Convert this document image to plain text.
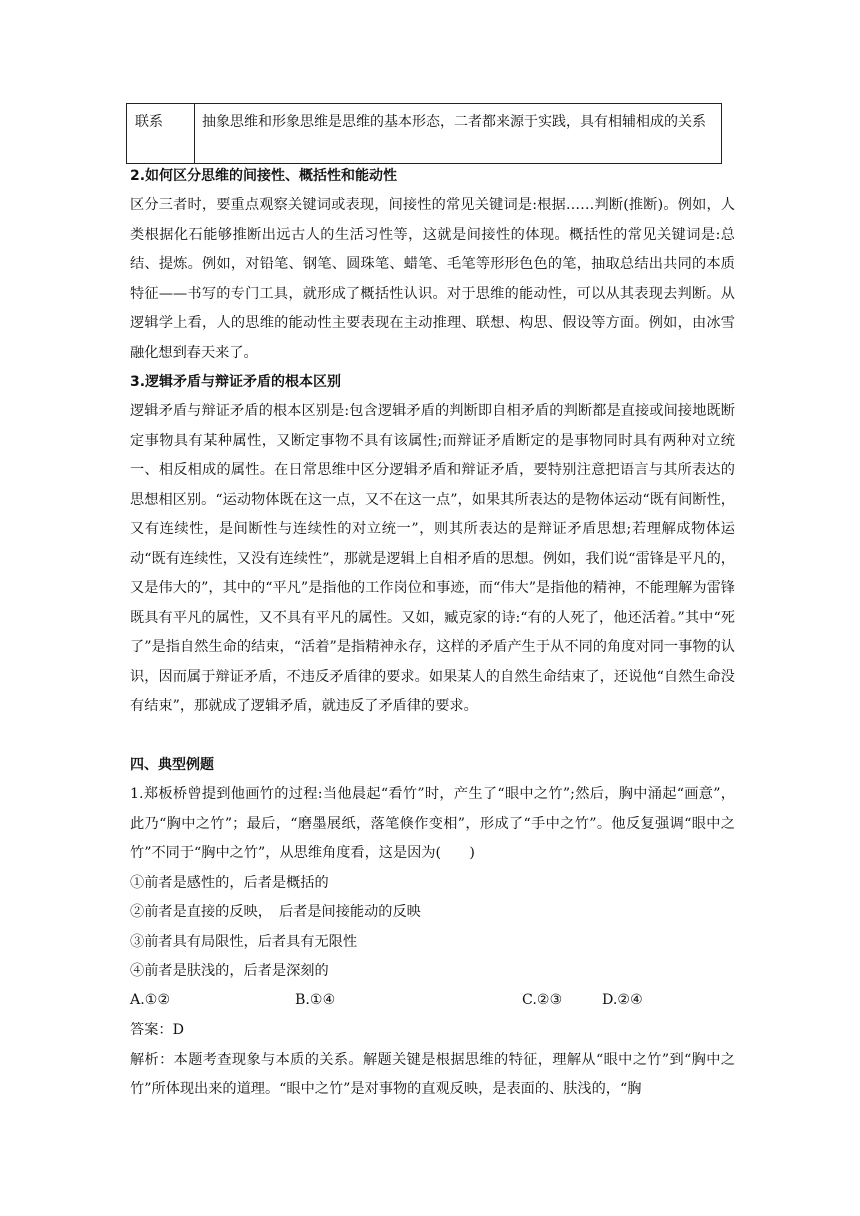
联系	抽象思维和形象思维是思维的基本形态，二者都来源于实践，具有相辅相成的关系
2.如何区分思维的间接性、概括性和能动性
区分三者时，要重点观察关键词或表现，间接性的常见关键词是:根据……判断(推断)。例如，人类根据化石能够推断出远古人的生活习性等，这就是间接性的体现。概括性的常见关键词是:总结、提炼。例如，对铅笔、钢笔、圆珠笔、蜡笔、毛笔等形形色色的笔，抽取总结出共同的本质特征——书写的专门工具，就形成了概括性认识。对于思维的能动性，可以从其表现去判断。从逻辑学上看，人的思维的能动性主要表现在主动推理、联想、构思、假设等方面。例如，由冰雪融化想到春天来了。
3.逻辑矛盾与辩证矛盾的根本区别
逻辑矛盾与辩证矛盾的根本区别是:包含逻辑矛盾的判断即自相矛盾的判断都是直接或间接地既断定事物具有某种属性，又断定事物不具有该属性;而辩证矛盾断定的是事物同时具有两种对立统一、相反相成的属性。在日常思维中区分逻辑矛盾和辩证矛盾，要特别注意把语言与其所表达的思想相区别。“运动物体既在这一点，又不在这一点”，如果其所表达的是物体运动“既有间断性，又有连续性，是间断性与连续性的对立统一”，则其所表达的是辩证矛盾思想;若理解成物体运动“既有连续性，又没有连续性”，那就是逻辑上自相矛盾的思想。例如，我们说“雷锋是平凡的，又是伟大的”，其中的“平凡”是指他的工作岗位和事迹，而“伟大”是指他的精神，不能理解为雷锋既具有平凡的属性，又不具有平凡的属性。又如，臧克家的诗:“有的人死了，他还活着。”其中“死了”是指自然生命的结束，“活着”是指精神永存，这样的矛盾产生于从不同的角度对同一事物的认识，因而属于辩证矛盾，不违反矛盾律的要求。如果某人的自然生命结束了，还说他“自然生命没有结束”，那就成了逻辑矛盾，就违反了矛盾律的要求。
四、典型例题
1.郑板桥曾提到他画竹的过程:当他晨起“看竹”时，产生了“眼中之竹”;然后，胸中涌起“画意”，此乃“胸中之竹”；最后，“磨墨展纸，落笔倏作变相”，形成了“手中之竹”。他反复强调“眼中之竹”不同于“胸中之竹”，从思维角度看，这是因为(　　)
①前者是感性的，后者是概括的
②前者是直接的反映，　后者是间接能动的反映
③前者具有局限性，后者具有无限性
④前者是肤浅的，后者是深刻的
A.①②	B.①④	C.②③	D.②④
答案：D
解析：本题考查现象与本质的关系。解题关键是根据思维的特征，理解从“眼中之竹”到“胸中之竹”所体现出来的道理。“眼中之竹”是对事物的直观反映，是表面的、肤浅的，“胸
